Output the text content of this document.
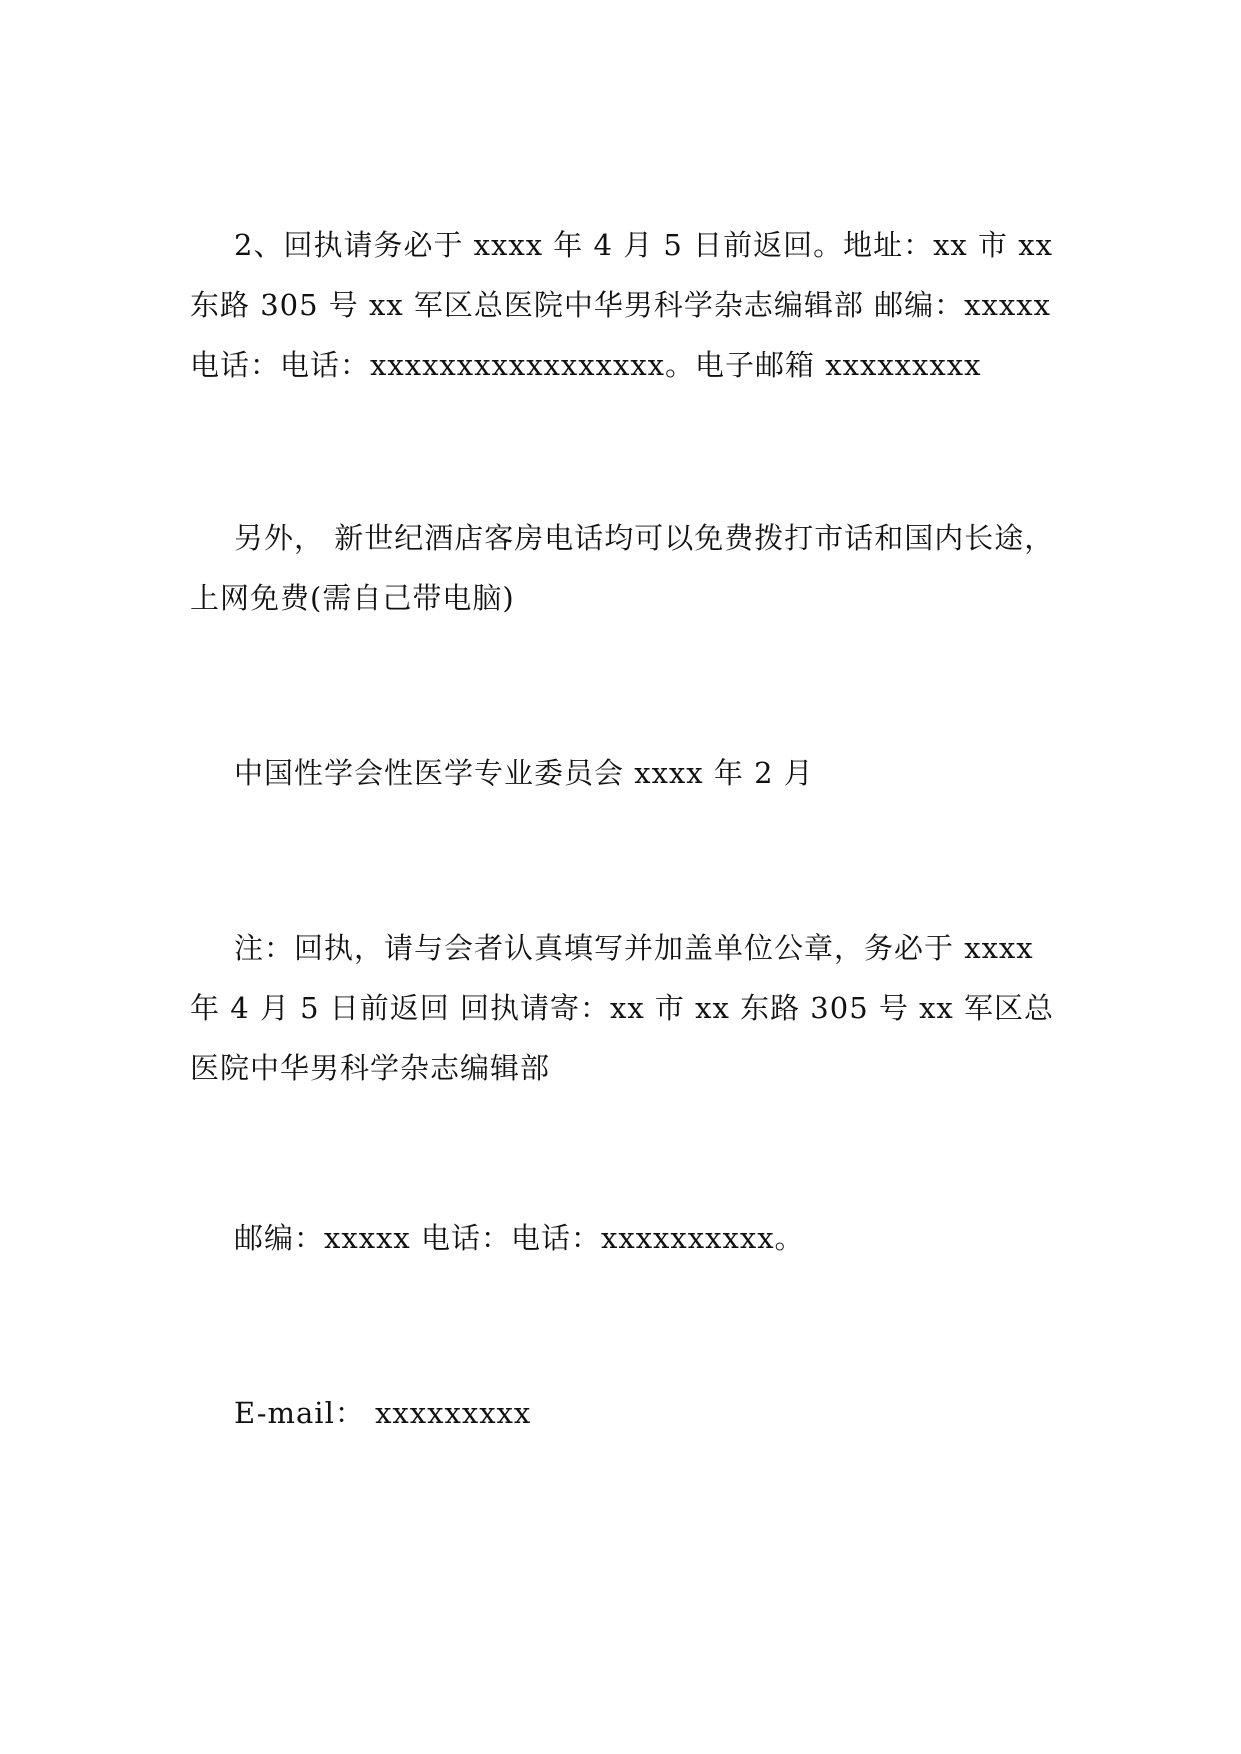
2、回执请务必于 xxxx 年 4 月 5 日前返回。地址：xx 市 xx 东路 305 号 xx 军区总医院中华男科学杂志编辑部 邮编：xxxxx 电话：电话：xxxxxxxxxxxxxxxxx。电子邮箱 xxxxxxxxx

另外， 新世纪酒店客房电话均可以免费拨打市话和国内长途，上网免费(需自己带电脑)

中国性学会性医学专业委员会 xxxx 年 2 月

注：回执，请与会者认真填写并加盖单位公章，务必于 xxxx 年 4 月 5 日前返回 回执请寄：xx 市 xx 东路 305 号 xx 军区总医院中华男科学杂志编辑部

邮编：xxxxx 电话：电话：xxxxxxxxxx。

E-mail： xxxxxxxxx
